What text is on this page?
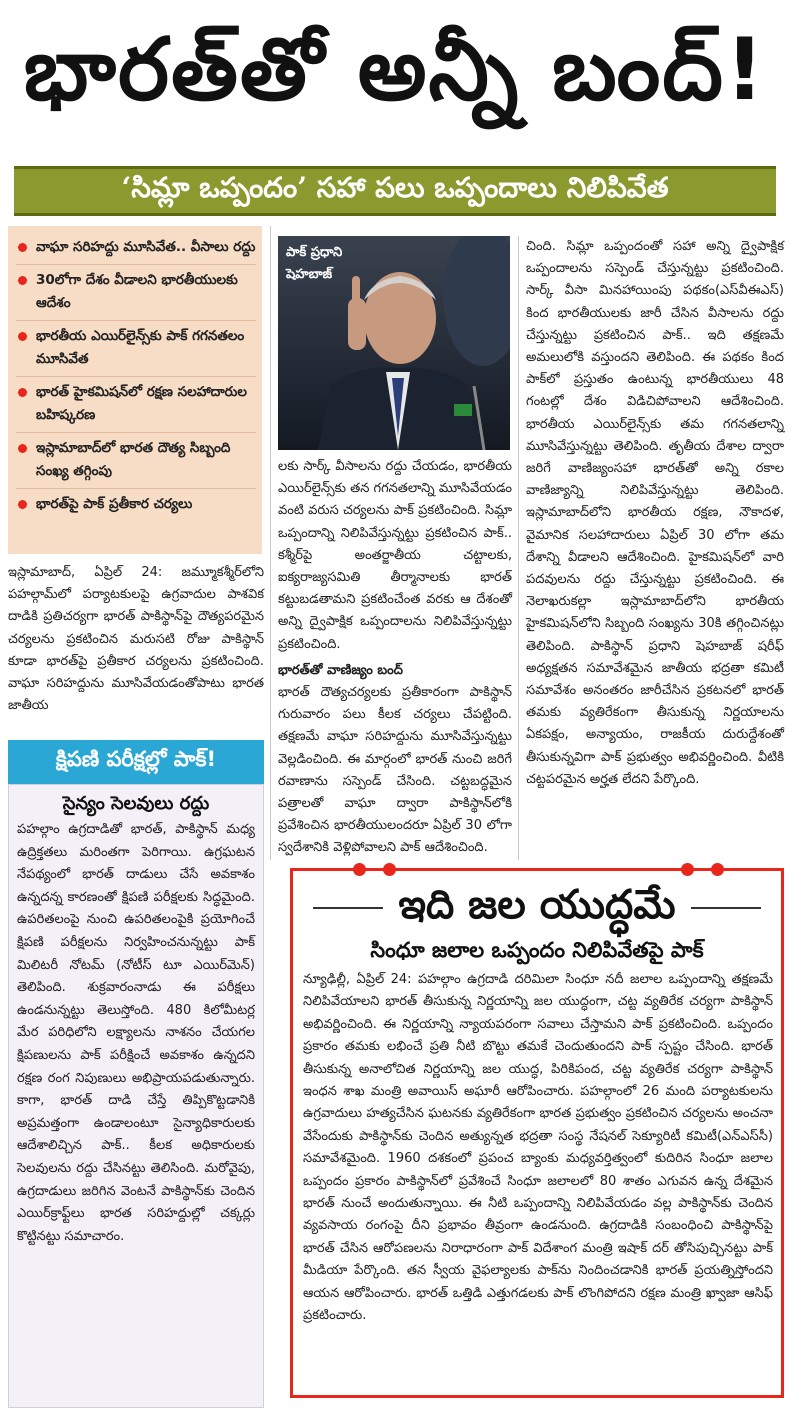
భారత్‌తో అన్నీ బంద్!
‘సిమ్లా ఒప్పందం’ సహా పలు ఒప్పందాలు నిలిపివేత
వాఘా సరిహద్దు మూసివేత.. వీసాలు రద్దు
30లోగా దేశం వీడాలని భారతీయులకు ఆదేశం
భారతీయ ఎయిర్‌లైన్స్‌కు పాక్ గగనతలం మూసివేత
భారత్ హైకమిషన్‌లో రక్షణ సలహాదారుల బహిష్కరణ
ఇస్లామాబాద్‌లో భారత దౌత్య సిబ్బంది సంఖ్య తగ్గింపు
భారత్‌పై పాక్ ప్రతీకార చర్యలు
పాక్ ప్రధాని
షెహబాజ్

ఇస్లామాబాద్, ఏప్రిల్ 24: జమ్మూకశ్మీర్‌లోని పహల్గామ్‌లో పర్యాటకులపై ఉగ్రవాదుల పాశవిక దాడికి ప్రతిచర్యగా భారత్ పాకిస్థాన్‌పై దౌత్యపరమైన చర్యలను ప్రకటించిన మరుసటి రోజు పాకిస్థాన్ కూడా భారత్‌పై ప్రతీకార చర్యలను ప్రకటించింది. వాఘా సరిహద్దును మూసివేయడంతోపాటు భారత జాతీయ

లకు సార్క్ వీసాలను రద్దు చేయడం, భారతీయ ఎయిర్‌లైన్స్‌కు తన గగనతలాన్ని మూసివేయడం వంటి వరుస చర్యలను పాక్ ప్రకటించింది. సిమ్లా ఒప్పందాన్ని నిలిపివేస్తున్నట్టు ప్రకటించిన పాక్.. కశ్మీర్‌పై అంతర్జాతీయ చట్టాలకు, ఐక్యరాజ్యసమితి తీర్మానాలకు భారత్ కట్టుబడతామని ప్రకటించేంత వరకు ఆ దేశంతో అన్ని ద్వైపాక్షిక ఒప్పందాలను నిలిపివేస్తున్నట్టు ప్రకటించింది.

భారత్‌తో వాణిజ్యం బంద్

భారత్ దౌత్యచర్యలకు ప్రతీకారంగా పాకిస్థాన్ గురువారం పలు కీలక చర్యలు చేపట్టింది. తక్షణమే వాఘా సరిహద్దును మూసివేస్తున్నట్టు వెల్లడించింది. ఈ మార్గంలో భారత్ నుంచి జరిగే రవాణాను సస్పెండ్ చేసింది. చట్టబద్ధమైన పత్రాలతో వాఘా ద్వారా పాకిస్థాన్‌లోకి ప్రవేశించిన భారతీయులందరూ ఏప్రిల్ 30 లోగా స్వదేశానికి వెళ్లిపోవాలని పాక్ ఆదేశించింది.

చింది. సిమ్లా ఒప్పందంతో సహా అన్ని ద్వైపాక్షిక ఒప్పందాలను సస్పెండ్ చేస్తున్నట్టు ప్రకటించింది. సార్క్ వీసా మినహాయింపు పథకం(ఎస్‌వీఈఎస్) కింద భారతీయులకు జారీ చేసిన వీసాలను రద్దు చేస్తున్నట్టు ప్రకటించిన పాక్.. ఇది తక్షణమే అమలులోకి వస్తుందని తెలిపింది. ఈ పథకం కింద పాక్‌లో ప్రస్తుతం ఉంటున్న భారతీయులు 48 గంటల్లో దేశం విడిచిపోవాలని ఆదేశించింది. భారతీయ ఎయిర్‌లైన్స్‌కు తమ గగనతలాన్ని మూసివేస్తున్నట్టు తెలిపింది. తృతీయ దేశాల ద్వారా జరిగే వాణిజ్యంసహా భారత్‌తో అన్ని రకాల వాణిజ్యాన్ని నిలిపివేస్తున్నట్టు తెలిపింది. ఇస్లామాబాద్‌లోని భారతీయ రక్షణ, నౌకాదళ, వైమానిక సలహాదారులు ఏప్రిల్ 30 లోగా తమ దేశాన్ని వీడాలని ఆదేశించింది. హైకమిషన్‌లో వారి పదవులను రద్దు చేస్తున్నట్టు ప్రకటించింది. ఈ నెలాఖరుకల్లా ఇస్లామాబాద్‌లోని భారతీయ హైకమిషన్‌లోని సిబ్బంది సంఖ్యను 30కి తగ్గించినట్లు తెలిపింది. పాకిస్థాన్ ప్రధాని షెహబాజ్ షరీఫ్ అధ్యక్షతన సమావేశమైన జాతీయ భద్రతా కమిటీ సమావేశం అనంతరం జారీచేసిన ప్రకటనలో భారత్ తమకు వ్యతిరేకంగా తీసుకున్న నిర్ణయాలను ఏకపక్షం, అన్యాయం, రాజకీయ దురుద్దేశంతో తీసుకున్నవిగా పాక్ ప్రభుత్వం అభివర్ణించింది. వీటికి చట్టపరమైన అర్హత లేదని పేర్కొంది.

క్షిపణి పరీక్షల్లో పాక్!
సైన్యం సెలవులు రద్దు
పహల్గాం ఉగ్రదాడితో భారత్, పాకిస్థాన్ మధ్య ఉద్రిక్తతలు మరింతగా పెరిగాయి. ఉగ్రఘటన నేపథ్యంలో భారత్ దాడులు చేసే అవకాశం ఉన్నదన్న కారణంతో క్షిపణి పరీక్షలకు సిద్ధమైంది. ఉపరితలంపై నుంచి ఉపరితలంపైకి ప్రయోగించే క్షిపణి పరీక్షలను నిర్వహించనున్నట్టు పాక్ మిలిటరీ నోటమ్ (నోటీస్ టూ ఎయిర్‌మెన్) తెలిపింది. శుక్రవారంనాడు ఈ పరీక్షలు ఉండనున్నట్టు తెలుస్తోంది. 480 కిలోమీటర్ల మేర పరిధిలోని లక్ష్యాలను నాశనం చేయగల క్షిపణులను పాక్ పరీక్షించే అవకాశం ఉన్నదని రక్షణ రంగ నిపుణులు అభిప్రాయపడుతున్నారు. కాగా, భారత్ దాడి చేస్తే తిప్పికొట్టడానికి అప్రమత్తంగా ఉండాలంటూ సైన్యాధికారులకు ఆదేశాలిచ్చిన పాక్.. కీలక అధికారులకు సెలవులను రద్దు చేసినట్టు తెలిసింది. మరోవైపు, ఉగ్రదాడులు జరిగిన వెంటనే పాకిస్థాన్‌కు చెందిన ఎయిర్‌క్రాఫ్ట్‌లు భారత సరిహద్దుల్లో చక్కర్లు కొట్టినట్టు సమాచారం.
ఇది జల యుద్ధమే
సింధూ జలాల ఒప్పందం నిలిపివేతపై పాక్
న్యూఢిల్లీ, ఏప్రిల్ 24: పహల్గాం ఉగ్రదాడి దరిమిలా సింధూ నదీ జలాల ఒప్పందాన్ని తక్షణమే నిలిపివేయాలని భారత్ తీసుకున్న నిర్ణయాన్ని జల యుద్ధంగా, చట్ట వ్యతిరేక చర్యగా పాకిస్థాన్ అభివర్ణించింది. ఈ నిర్ణయాన్ని న్యాయపరంగా సవాలు చేస్తామని పాక్ ప్రకటించింది. ఒప్పందం ప్రకారం తమకు లభించే ప్రతి నీటి బొట్టు తమకే చెందుతుందని పాక్ స్పష్టం చేసింది. భారత్ తీసుకున్న అనాలోచిత నిర్ణయాన్ని జల యుద్ధ, పిరికిపంద, చట్ట వ్యతిరేక చర్యగా పాకిస్థాన్ ఇంధన శాఖ మంత్రి అవాయిస్ అఘారీ ఆరోపించారు. పహల్గాంలో 26 మంది పర్యాటకులను ఉగ్రవాదులు హత్యచేసిన ఘటనకు వ్యతిరేకంగా భారత ప్రభుత్వం ప్రకటించిన చర్యలను అంచనా వేసేందుకు పాకిస్థాన్‌కు చెందిన అత్యున్నత భద్రతా సంస్థ నేషనల్ సెక్యూరిటీ కమిటీ(ఎన్‌ఎస్‌సీ) సమావేశమైంది. 1960 దశకంలో ప్రపంచ బ్యాంకు మధ్యవర్తిత్వంలో కుదిరిన సింధూ జలాల ఒప్పందం ప్రకారం పాకిస్థాన్‌లో ప్రవేశించే సింధూ జలాలలో 80 శాతం ఎగువన ఉన్న దేశమైన భారత్ నుంచే అందుతున్నాయి. ఈ నీటి ఒప్పందాన్ని నిలిపివేయడం వల్ల పాకిస్థాన్‌కు చెందిన వ్యవసాయ రంగంపై దీని ప్రభావం తీవ్రంగా ఉండనుంది. ఉగ్రదాడికి సంబంధించి పాకిస్థాన్‌పై భారత్ చేసిన ఆరోపణలను నిరాధారంగా పాక్ విదేశాంగ మంత్రి ఇషాక్ దర్ తోసిపుచ్చినట్టు పాక్ మీడియా పేర్కొంది. తన స్వీయ వైఫల్యాలకు పాక్‌ను నిందించడానికి భారత్ ప్రయత్నిస్తోందని ఆయన ఆరోపించారు. భారత్ ఒత్తిడి ఎత్తుగడలకు పాక్ లొంగిపోదని రక్షణ మంత్రి ఖ్వాజా ఆసిఫ్ ప్రకటించారు.
